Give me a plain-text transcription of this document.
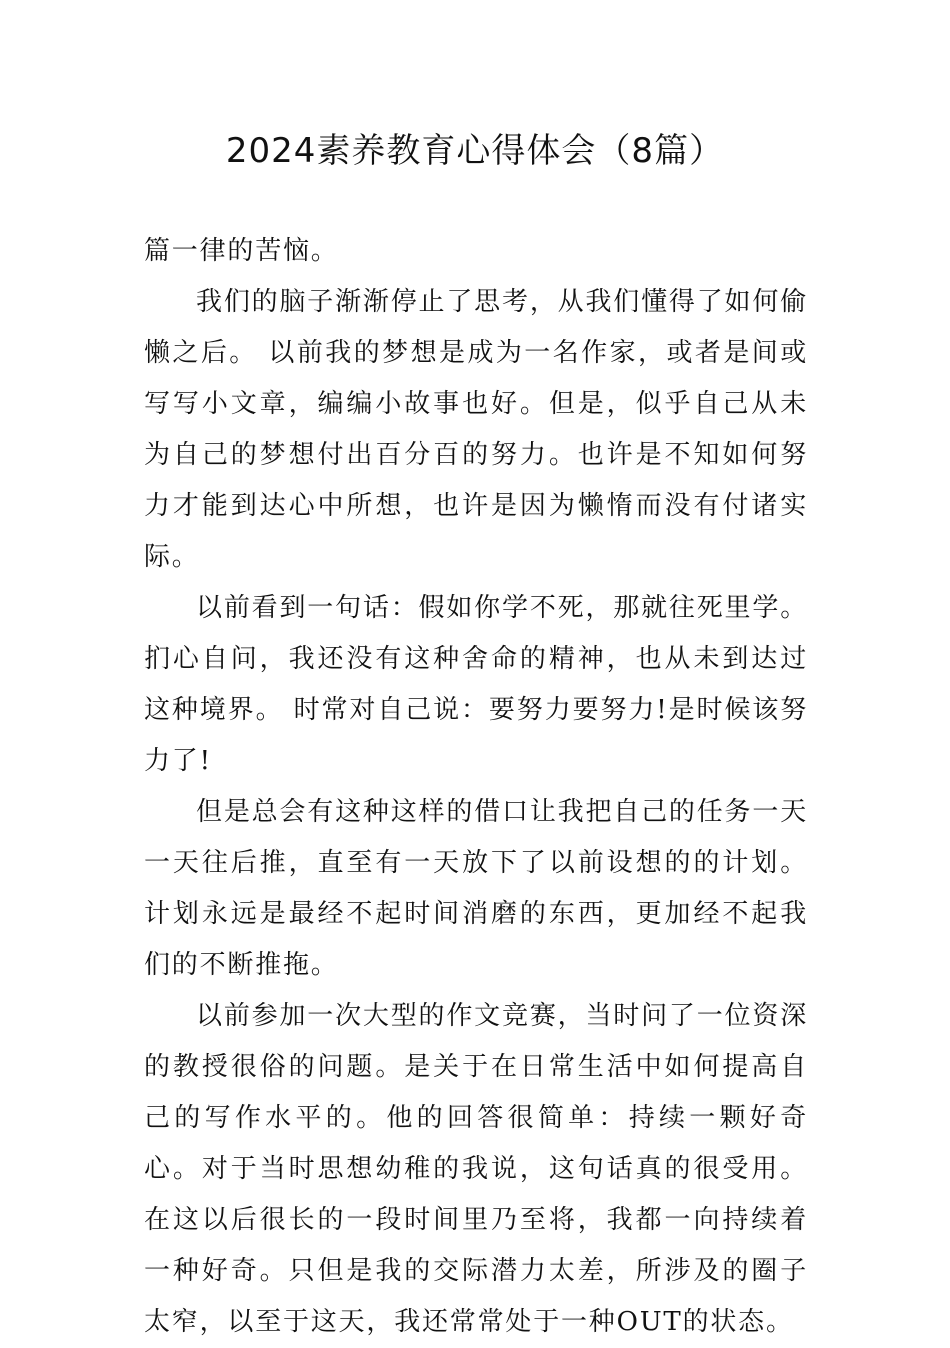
2024素养教育心得体会（8篇）

篇一律的苦恼。

我们的脑子渐渐停止了思考，从我们懂得了如何偷懒之后。 以前我的梦想是成为一名作家，或者是间或写写小文章，编编小故事也好。但是，似乎自己从未为自己的梦想付出百分百的努力。也许是不知如何努力才能到达心中所想，也许是因为懒惰而没有付诸实际。

以前看到一句话：假如你学不死，那就往死里学。扪心自问，我还没有这种舍命的精神，也从未到达过这种境界。 时常对自己说：要努力要努力!是时候该努力了!

但是总会有这种这样的借口让我把自己的任务一天一天往后推，直至有一天放下了以前设想的的计划。计划永远是最经不起时间消磨的东西，更加经不起我们的不断推拖。

以前参加一次大型的作文竞赛，当时问了一位资深的教授很俗的问题。是关于在日常生活中如何提高自己的写作水平的。他的回答很简单：持续一颗好奇心。对于当时思想幼稚的我说，这句话真的很受用。在这以后很长的一段时间里乃至将，我都一向持续着一种好奇。只但是我的交际潜力太差，所涉及的圈子太窄，以至于这天，我还常常处于一种OUT的状态。
